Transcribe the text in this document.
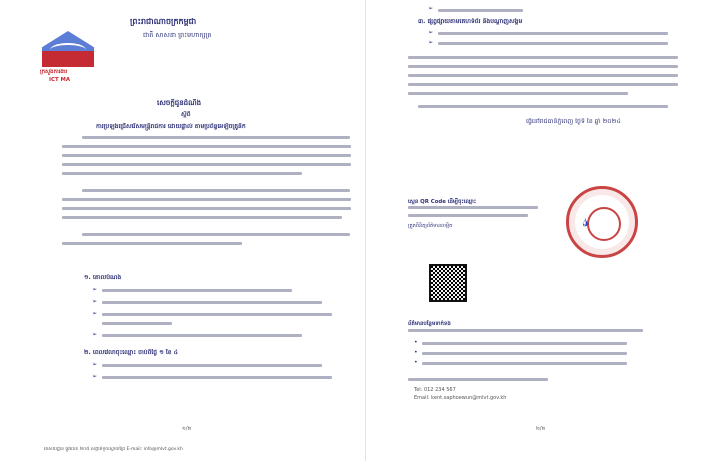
ក្រសួងការងារ
ICT MA
ព្រះរាជាណាចក្រកម្ពុជា
ជាតិ សាសនា ព្រះមហាក្សត្រ
សេចក្តីជូនដំណឹង
ស្តីពី
ការប្រឡងជ្រើសរើសមន្ត្រីរាជការ ដោយផ្ទាល់ តាមប្រព័ន្ធអេឡិចត្រូនិក
១. គោលបំណង
➢
➢
➢
➢
២. ពេលវេលាចុះឈ្មោះ ចាប់ពីថ្ងៃ ១ ខែ ៤
➢
➢
១/២
អាសយដ្ឋាន ផ្លូវលេខ ២០៥ សង្កាត់ទួលស្វាយព្រៃ E-mail: info@mlvt.gov.kh
➢
៣. ផ្សព្វផ្សាយតាមគេហទំព័រ និងបណ្តាញសង្គម
➢
➢
ធ្វើនៅរាជធានីភ្នំពេញ ថ្ងៃទី ខែ ឆ្នាំ ២០២៤
𝓈
ស្កេន QR Code ដើម្បីចុះឈ្មោះ
ត្រួតពិនិត្យព័ត៌មានលម្អិត
ព័ត៌មានបន្ថែមទាក់ទង
•
•
•
Tel: 012 234 567
Email: kent.saphoewun@mlvt.gov.kh
២/២
